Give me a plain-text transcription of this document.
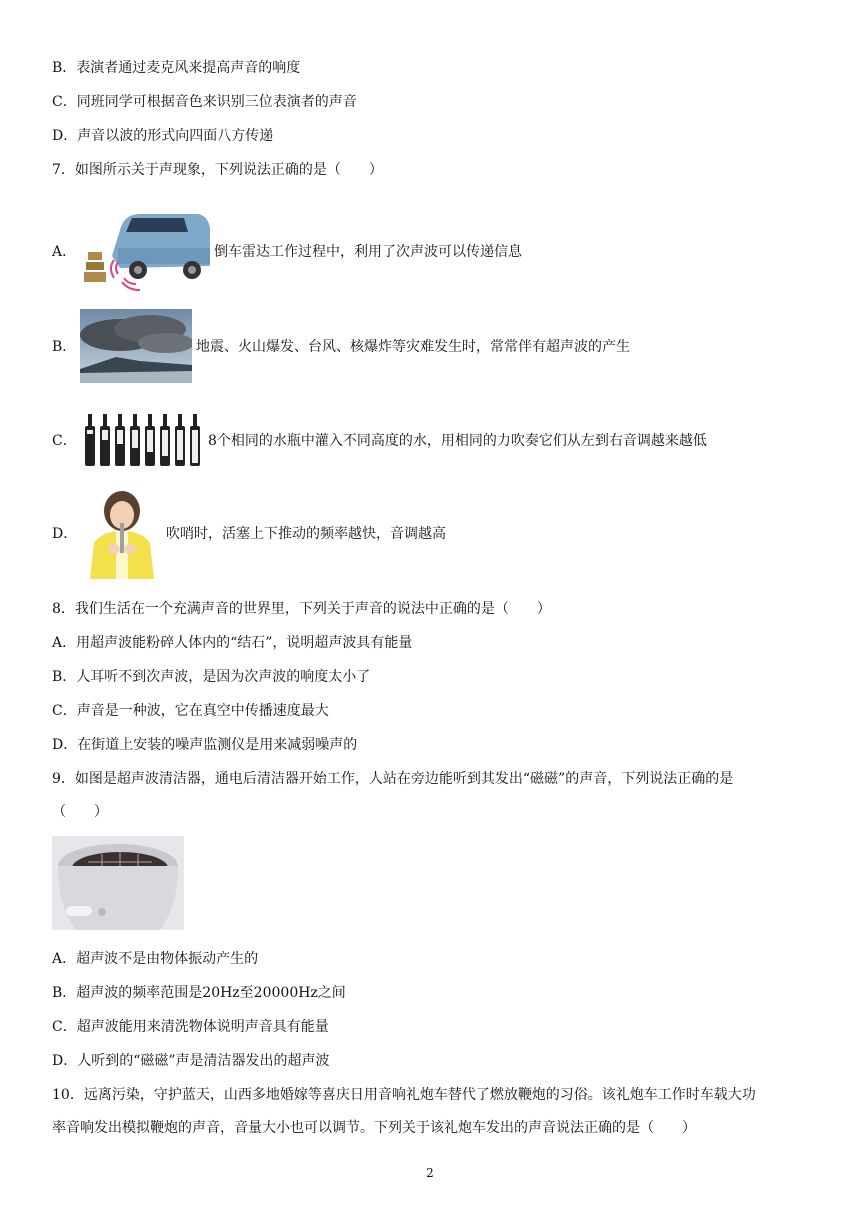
B．表演者通过麦克风来提高声音的响度
C．同班同学可根据音色来识别三位表演者的声音
D．声音以波的形式向四面八方传递
7．如图所示关于声现象，下列说法正确的是（　　）
A．	倒车雷达工作过程中，利用了次声波可以传递信息
B．	地震、火山爆发、台风、核爆炸等灾难发生时，常常伴有超声波的产生
C．	8个相同的水瓶中灌入不同高度的水，用相同的力吹奏它们从左到右音调越来越低
D．	吹哨时，活塞上下推动的频率越快，音调越高
8．我们生活在一个充满声音的世界里，下列关于声音的说法中正确的是（　　）
A．用超声波能粉碎人体内的“结石”，说明超声波具有能量
B．人耳听不到次声波，是因为次声波的响度太小了
C．声音是一种波，它在真空中传播速度最大
D．在街道上安装的噪声监测仪是用来减弱噪声的
9．如图是超声波清洁器，通电后清洁器开始工作，人站在旁边能听到其发出“磁磁”的声音，下列说法正确的是
（　　）
A．超声波不是由物体振动产生的
B．超声波的频率范围是20Hz至20000Hz之间
C．超声波能用来清洗物体说明声音具有能量
D．人听到的“磁磁”声是清洁器发出的超声波
10．远离污染，守护蓝天，山西多地婚嫁等喜庆日用音响礼炮车替代了燃放鞭炮的习俗。该礼炮车工作时车载大功
率音响发出模拟鞭炮的声音，音量大小也可以调节。下列关于该礼炮车发出的声音说法正确的是（　　）
2
